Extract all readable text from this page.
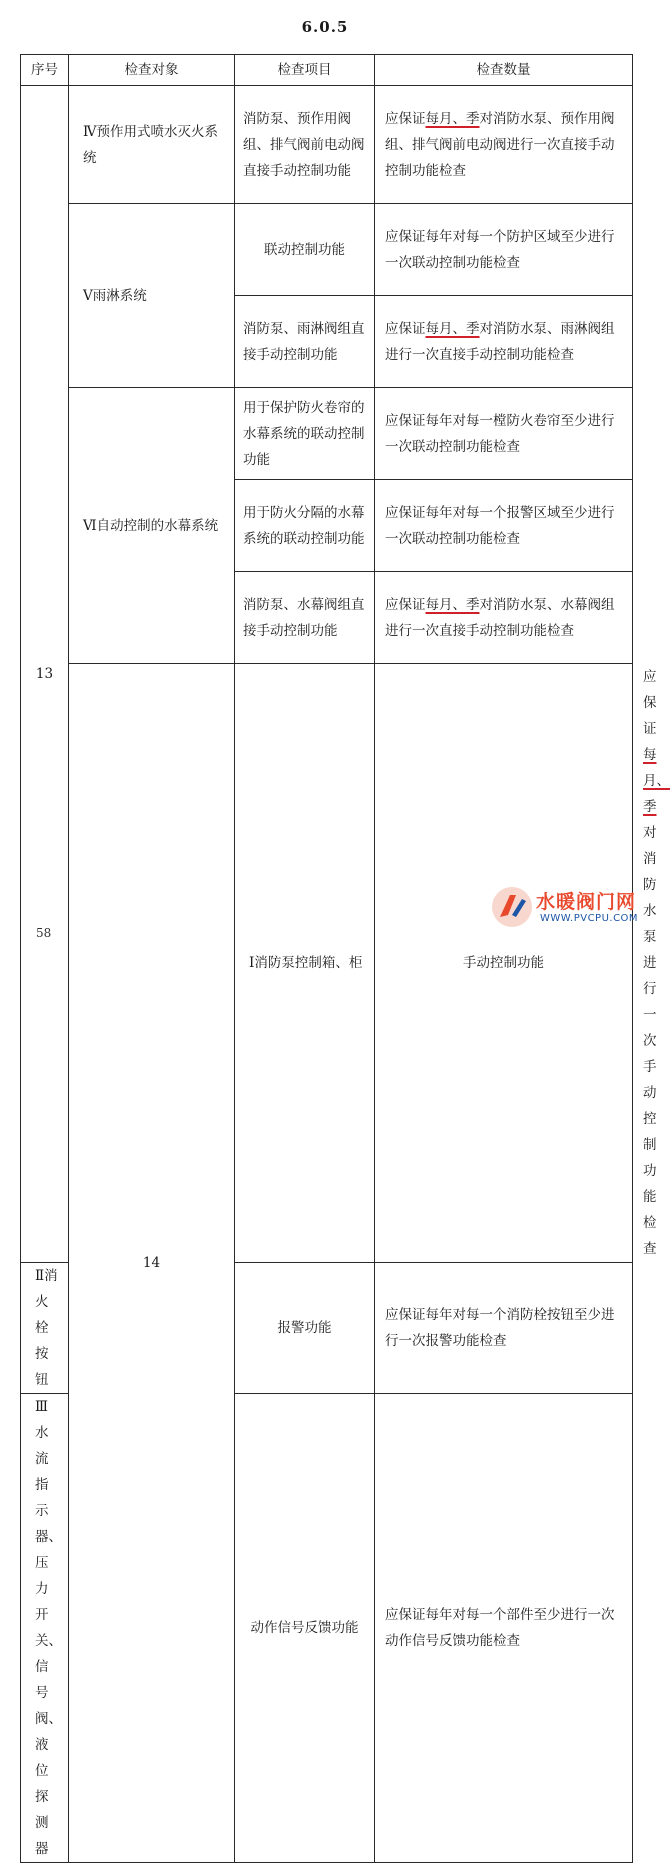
6.0.5
序号	检查对象	检查项目	检查数量	
13	Ⅳ预作用式喷水灭火系统	消防泵、预作用阀组、排气阀前电动阀直接手动控制功能	应保证每月、季对消防水泵、预作用阀组、排气阀前电动阀进行一次直接手动控制功能检查	
	Ⅴ雨淋系统	联动控制功能	应保证每年对每一个防护区域至少进行一次联动控制功能检查	
		消防泵、雨淋阀组直接手动控制功能	应保证每月、季对消防水泵、雨淋阀组进行一次直接手动控制功能检查	
	Ⅵ自动控制的水幕系统	用于保护防火卷帘的水幕系统的联动控制功能	应保证每年对每一樘防火卷帘至少进行一次联动控制功能检查	
		用于防火分隔的水幕系统的联动控制功能	应保证每年对每一个报警区域至少进行一次联动控制功能检查	
		消防泵、水幕阀组直接手动控制功能	应保证每月、季对消防水泵、水幕阀组进行一次直接手动控制功能检查	
	14	Ⅰ消防泵控制箱、柜	手动控制功能	应保证每月、季对消防水泵进行一次手动控制功能检查
Ⅱ消火栓按钮		报警功能	应保证每年对每一个消防栓按钮至少进行一次报警功能检查	
Ⅲ水流指示器、压力开关、信号阀、液位探测器		动作信号反馈功能	应保证每年对每一个部件至少进行一次动作信号反馈功能检查	
58
水暖阀门网
WWW.PVCPU.COM
